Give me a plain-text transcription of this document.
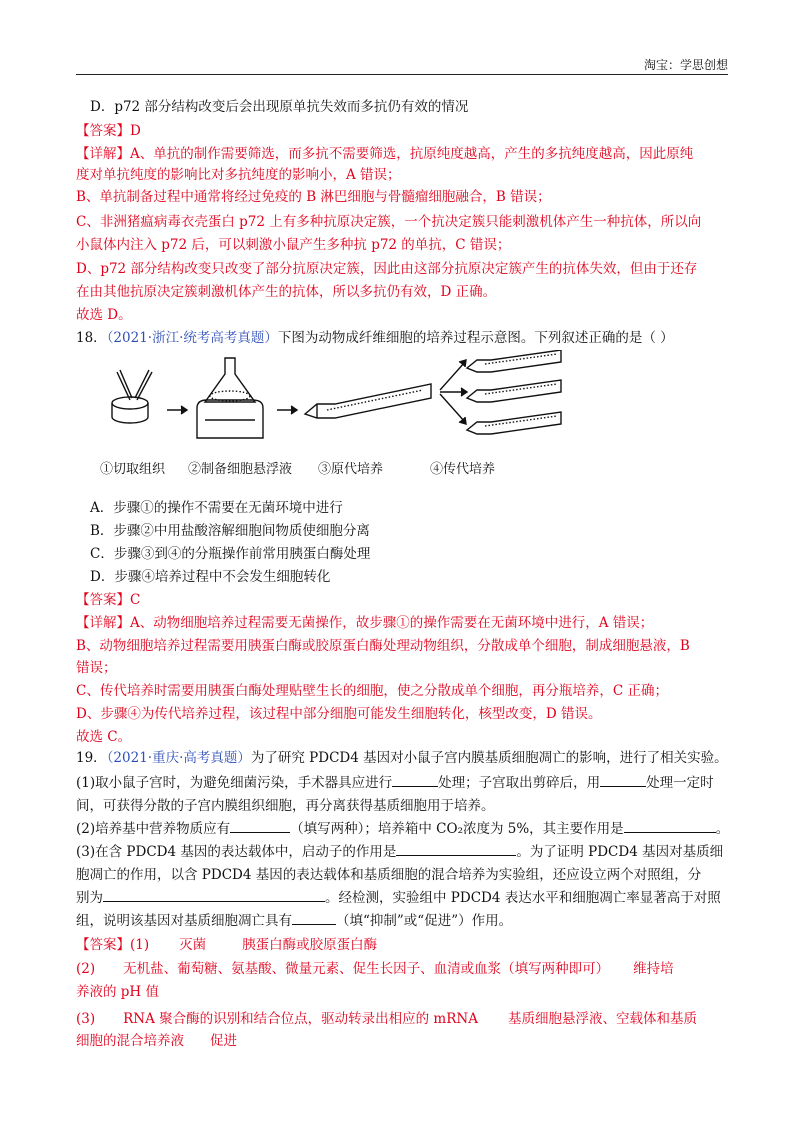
淘宝：学思创想
D．p72 部分结构改变后会出现原单抗失效而多抗仍有效的情况
【答案】D
【详解】A、单抗的制作需要筛选，而多抗不需要筛选，抗原纯度越高，产生的多抗纯度越高，因此原纯
度对单抗纯度的影响比对多抗纯度的影响小，A 错误；
B、单抗制备过程中通常将经过免疫的 B 淋巴细胞与骨髓瘤细胞融合，B 错误；
C、非洲猪瘟病毒衣壳蛋白 p72 上有多种抗原决定簇，一个抗决定簇只能刺激机体产生一种抗体，所以向
小鼠体内注入 p72 后，可以刺激小鼠产生多种抗 p72 的单抗，C 错误；
D、p72 部分结构改变只改变了部分抗原决定簇，因此由这部分抗原决定簇产生的抗体失效，但由于还存
在由其他抗原决定簇刺激机体产生的抗体，所以多抗仍有效，D 正确。
故选 D。
18．（2021·浙江·统考高考真题）下图为动物成纤维细胞的培养过程示意图。下列叙述正确的是（ ）
①切取组织 ②制备细胞悬浮液 ③原代培养	④传代培养
A．步骤①的操作不需要在无菌环境中进行
B．步骤②中用盐酸溶解细胞间物质使细胞分离
C．步骤③到④的分瓶操作前常用胰蛋白酶处理
D．步骤④培养过程中不会发生细胞转化
【答案】C
【详解】A、动物细胞培养过程需要无菌操作，故步骤①的操作需要在无菌环境中进行，A 错误；
B、动物细胞培养过程需要用胰蛋白酶或胶原蛋白酶处理动物组织，分散成单个细胞，制成细胞悬液，B
错误；
C、传代培养时需要用胰蛋白酶处理贴壁生长的细胞，使之分散成单个细胞，再分瓶培养，C 正确；
D、步骤④为传代培养过程，该过程中部分细胞可能发生细胞转化，核型改变，D 错误。
故选 C。
19．（2021·重庆·高考真题）为了研究 PDCD4 基因对小鼠子宫内膜基质细胞凋亡的影响，进行了相关实验。
(1)取小鼠子宫时，为避免细菌污染，手术器具应进行	处理；子宫取出剪碎后，用	处理一定时
间，可获得分散的子宫内膜组织细胞，再分离获得基质细胞用于培养。
(2)培养基中营养物质应有	（填写两种）；培养箱中 CO₂浓度为 5%，其主要作用是	。
(3)在含 PDCD4 基因的表达载体中，启动子的作用是	。为了证明 PDCD4 基因对基质细
胞凋亡的作用，以含 PDCD4 基因的表达载体和基质细胞的混合培养为实验组，还应设立两个对照组，分
别为	。经检测，实验组中 PDCD4 表达水平和细胞凋亡率显著高于对照
组，说明该基因对基质细胞凋亡具有	（填“抑制”或“促进”）作用。
【答案】(1) 灭菌	胰蛋白酶或胶原蛋白酶
(2) 无机盐、葡萄糖、氨基酸、微量元素、促生长因子、血清或血浆（填写两种即可） 维持培
养液的 pH 值
(3) RNA 聚合酶的识别和结合位点，驱动转录出相应的 mRNA 基质细胞悬浮液、空载体和基质
细胞的混合培养液 促进
